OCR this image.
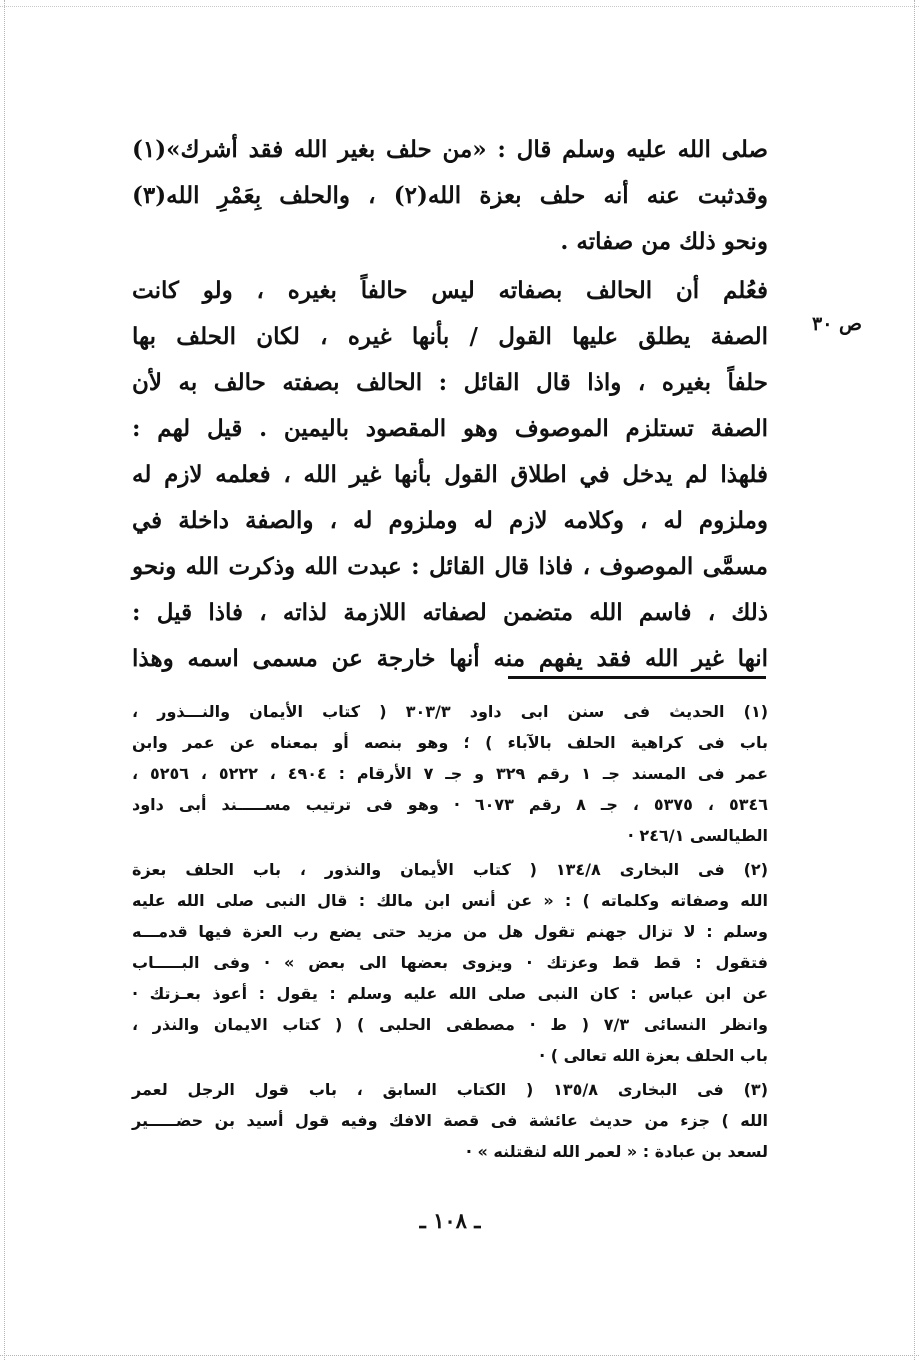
ص ٣٠
صلى الله عليه وسلم قال : «من حلف بغير الله فقد أشرك»(١)
وقدثبت عنه أنه حلف بعزة الله(٢) ، والحلف بِعَمْرِ الله(٣)
ونحو ذلك من صفاته .
فعُلم أن الحالف بصفاته ليس حالفاً بغيره ، ولو كانت
الصفة يطلق عليها القول / بأنها غيره ، لكان الحلف بها
حلفاً بغيره ، واذا قال القائل : الحالف بصفته حالف به لأن
الصفة تستلزم الموصوف وهو المقصود باليمين . قيل لهم :
فلهذا لم يدخل في اطلاق القول بأنها غير الله ، فعلمه لازم له
وملزوم له ، وكلامه لازم له وملزوم له ، والصفة داخلة في
مسمَّى الموصوف ، فاذا قال القائل : عبدت الله وذكرت الله ونحو
ذلك ، فاسم الله متضمن لصفاته اللازمة لذاته ، فاذا قيل :
انها غير الله فقد يفهم منه أنها خارجة عن مسمى اسمه وهذا
(١) الحديث فى سنن ابى داود ٣٠٣/٣ ( كتاب الأيمان والنـــذور ،
باب فى كراهية الحلف بالآباء ) ؛ وهو بنصه أو بمعناه عن عمر وابن
عمر فى المسند جـ ١ رقم ٣٢٩ و جـ ٧ الأرقام : ٤٩٠٤ ، ٥٢٢٢ ، ٥٢٥٦ ،
٥٣٤٦ ، ٥٣٧٥ ، جـ ٨ رقم ٦٠٧٣ · وهو فى ترتيب مســـــند أبى داود
الطيالسى ٢٤٦/١ ·
(٢) فى البخارى ١٣٤/٨ ( كتاب الأيمان والنذور ، باب الحلف بعزة
الله وصفاته وكلماته ) : « عن أنس ابن مالك : قال النبى صلى الله عليه
وسلم : لا تزال جهنم تقول هل من مزيد حتى يضع رب العزة فيها قدمـــه
فتقول : قط قط وعزتك · ويزوى بعضها الى بعض » · وفى البـــــاب
عن ابن عباس : كان النبى صلى الله عليه وسلم : يقول : أعوذ بعـزتك ·
وانظر النسائى ٧/٣ ( ط · مصطفى الحلبى ) ( كتاب الايمان والنذر ،
باب الحلف بعزة الله تعالى ) ·
(٣) فى البخارى ١٣٥/٨ ( الكتاب السابق ، باب قول الرجل لعمر
الله ) جزء من حديث عائشة فى قصة الافك وفيه قول أسيد بن حضـــــير
لسعد بن عبادة : « لعمر الله لنقتلنه » ·
ـ ١٠٨ ـ
